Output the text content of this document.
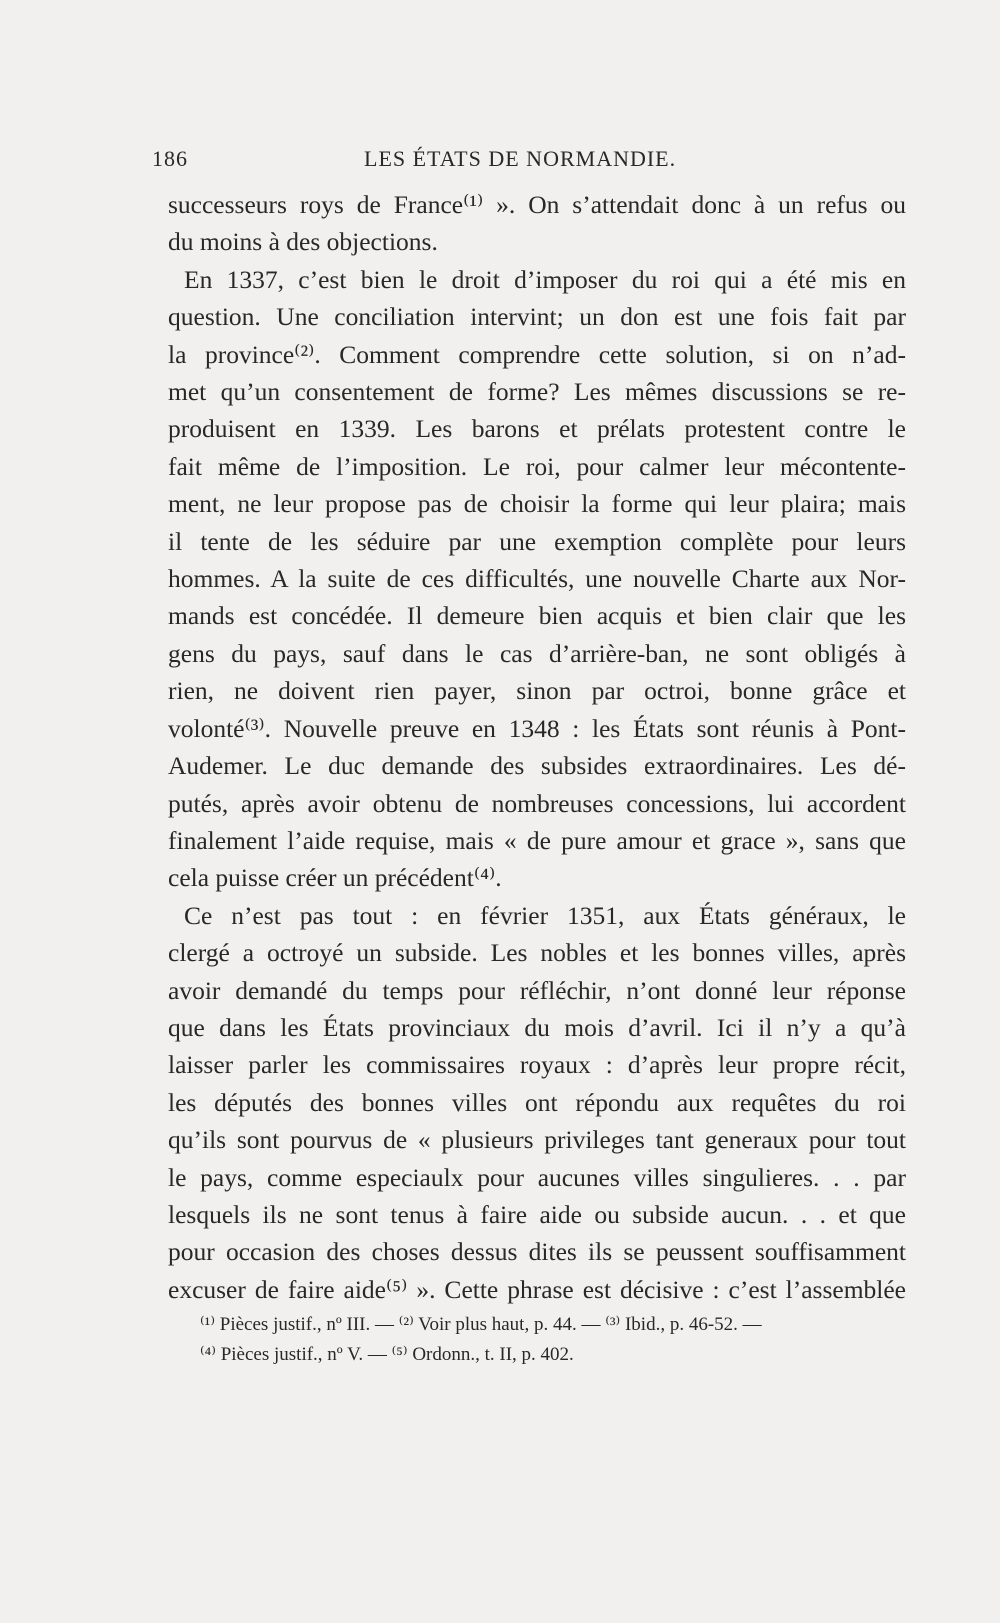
186	LES ÉTATS DE NORMANDIE.
successeurs roys de France⁽¹⁾ ». On s’attendait donc à un refus ou
du moins à des objections.
En 1337, c’est bien le droit d’imposer du roi qui a été mis en
question. Une conciliation intervint; un don est une fois fait par
la province⁽²⁾. Comment comprendre cette solution, si on n’ad-
met qu’un consentement de forme? Les mêmes discussions se re-
produisent en 1339. Les barons et prélats protestent contre le
fait même de l’imposition. Le roi, pour calmer leur mécontente-
ment, ne leur propose pas de choisir la forme qui leur plaira; mais
il tente de les séduire par une exemption complète pour leurs
hommes. A la suite de ces difficultés, une nouvelle Charte aux Nor-
mands est concédée. Il demeure bien acquis et bien clair que les
gens du pays, sauf dans le cas d’arrière-ban, ne sont obligés à
rien, ne doivent rien payer, sinon par octroi, bonne grâce et
volonté⁽³⁾. Nouvelle preuve en 1348 : les États sont réunis à Pont-
Audemer. Le duc demande des subsides extraordinaires. Les dé-
putés, après avoir obtenu de nombreuses concessions, lui accordent
finalement l’aide requise, mais « de pure amour et grace », sans que
cela puisse créer un précédent⁽⁴⁾.
Ce n’est pas tout : en février 1351, aux États généraux, le
clergé a octroyé un subside. Les nobles et les bonnes villes, après
avoir demandé du temps pour réfléchir, n’ont donné leur réponse
que dans les États provinciaux du mois d’avril. Ici il n’y a qu’à
laisser parler les commissaires royaux : d’après leur propre récit,
les députés des bonnes villes ont répondu aux requêtes du roi
qu’ils sont pourvus de « plusieurs privileges tant generaux pour tout
le pays, comme especiaulx pour aucunes villes singulieres. . . par
lesquels ils ne sont tenus à faire aide ou subside aucun. . . et que
pour occasion des choses dessus dites ils se peussent souffisamment
excuser de faire aide⁽⁵⁾ ». Cette phrase est décisive : c’est l’assemblée
⁽¹⁾ Pièces justif., nº III. — ⁽²⁾ Voir plus haut, p. 44. — ⁽³⁾ Ibid., p. 46-52. —
⁽⁴⁾ Pièces justif., nº V. — ⁽⁵⁾ Ordonn., t. II, p. 402.
